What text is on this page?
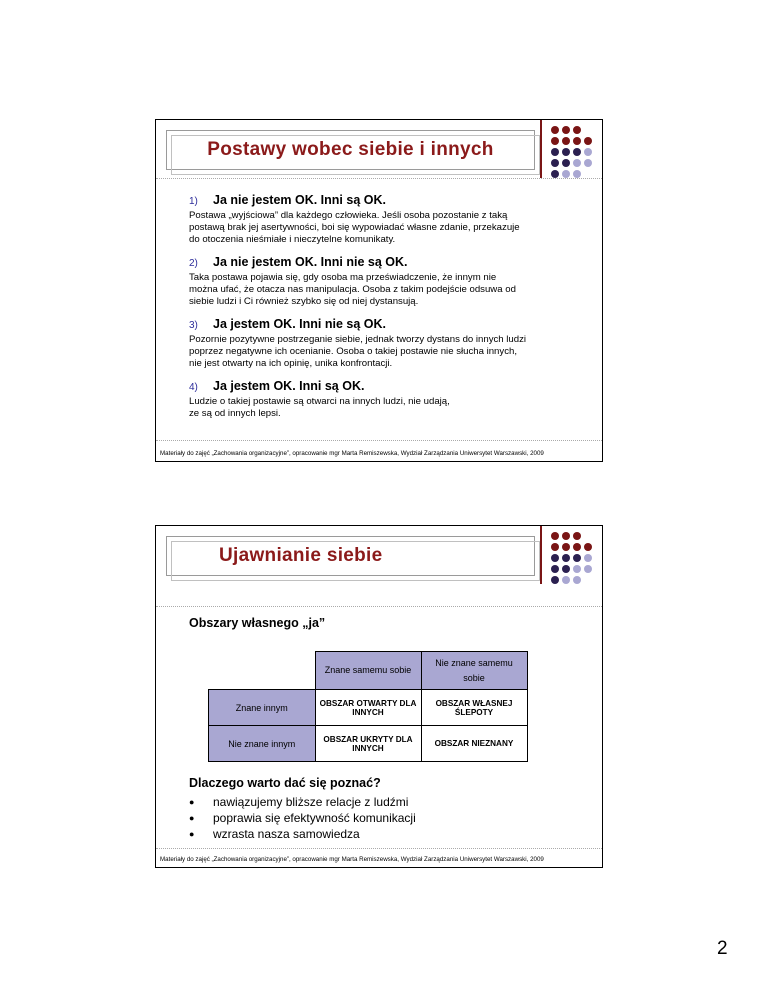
Postawy wobec siebie i innych
1) Ja nie jestem OK. Inni są OK.
Postawa „wyjściowa” dla każdego człowieka. Jeśli osoba pozostanie z taką
postawą brak jej asertywności, boi się wypowiadać własne zdanie, przekazuje
do otoczenia nieśmiałe i nieczytelne komunikaty.
2) Ja nie jestem OK. Inni nie są OK.
Taka postawa pojawia się, gdy osoba ma przeświadczenie, że innym nie
można ufać, że otacza nas manipulacja. Osoba z takim podejście odsuwa od
siebie ludzi i Ci również szybko się od niej dystansują.
3) Ja jestem OK. Inni nie są OK.
Pozornie pozytywne postrzeganie siebie, jednak tworzy dystans do innych ludzi
poprzez negatywne ich ocenianie. Osoba o takiej postawie nie słucha innych,
nie jest otwarty na ich opinię, unika konfrontacji.
4) Ja jestem OK. Inni są OK.
Ludzie o takiej postawie są otwarci na innych ludzi, nie udają,
ze są od innych lepsi.
Materiały do zajęć „Zachowania organizacyjne”, opracowanie mgr Marta Remiszewska, Wydział Zarządzania Uniwersytet Warszawski, 2009
Ujawnianie siebie
Obszary własnego „ja”
	Znane samemu sobie	Nie znane samemu sobie
Znane innym	OBSZAR OTWARTY DLA INNYCH	OBSZAR WŁASNEJ ŚLEPOTY
Nie znane innym	OBSZAR UKRYTY DLA INNYCH	OBSZAR NIEZNANY
Dlaczego warto dać się poznać?
● nawiązujemy bliższe relacje z ludźmi
● poprawia się efektywność komunikacji
● wzrasta nasza samowiedza
Materiały do zajęć „Zachowania organizacyjne”, opracowanie mgr Marta Remiszewska, Wydział Zarządzania Uniwersytet Warszawski, 2009
2
